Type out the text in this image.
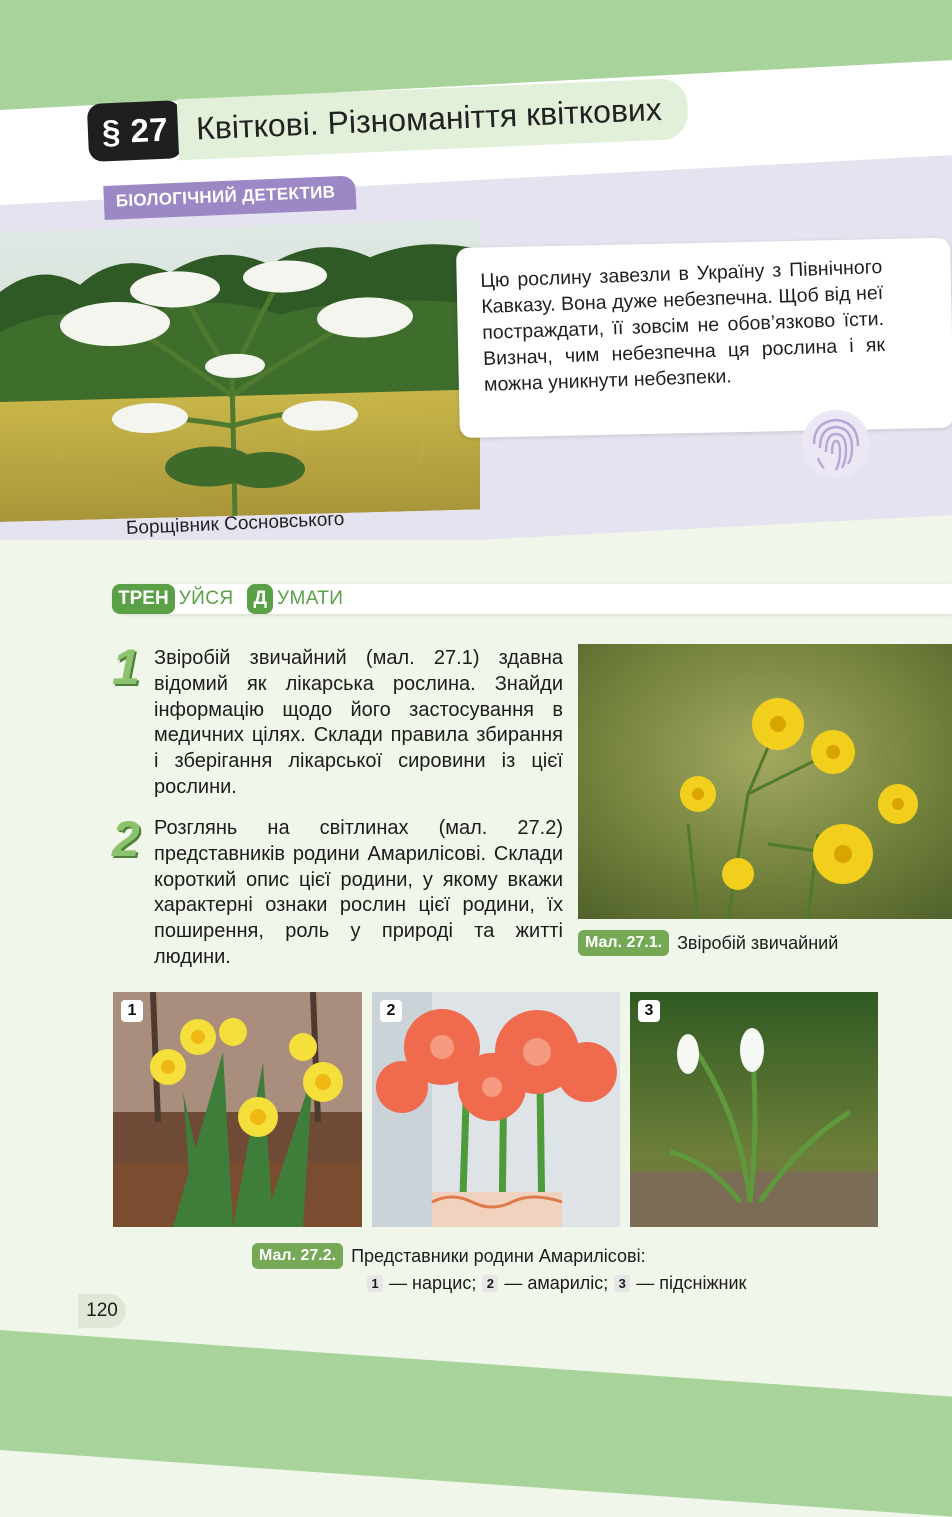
§ 27 Квіткові. Різноманіття квіткових
БІОЛОГІЧНИЙ ДЕТЕКТИВ
Борщівник Сосновського
Цю рослину завезли в Україну з Північного Кавказу. Вона дуже небезпечна. Щоб від неї постраждати, її зовсім не обов’язково їсти. Визнач, чим небезпечна ця рослина і як можна уникнути небезпеки.
ТРЕН УЙСЯ	Д УМАТИ
1 Звіробій звичайний (мал. 27.1) здавна відомий як лікарська рослина. Знайди інформацію щодо його застосування в медичних цілях. Склади правила збирання і зберігання лікарської сировини із цієї рослини.
2 Розглянь на світлинах (мал. 27.2) представників родини Амарилісові. Склади короткий опис цієї родини, у якому вкажи характерні ознаки рослин цієї родини, їх поширення, роль у природі та житті людини.
Мал. 27.1. Звіробій звичайний
1	2	3
Мал. 27.2. Представники родини Амарилісові:
1 — нарцис; 2 — амариліс; 3 — підсніжник
120
